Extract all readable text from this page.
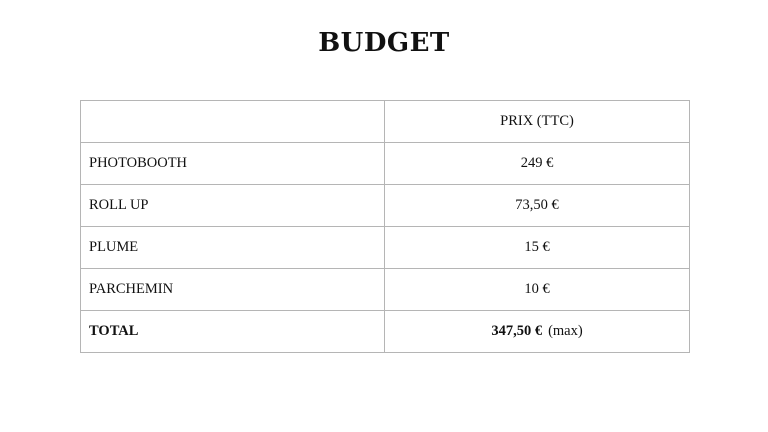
BUDGET
	PRIX (TTC)
PHOTOBOOTH	249 €
ROLL UP	73,50 €
PLUME	15 €
PARCHEMIN	10 €
TOTAL	347,50 € (max)
